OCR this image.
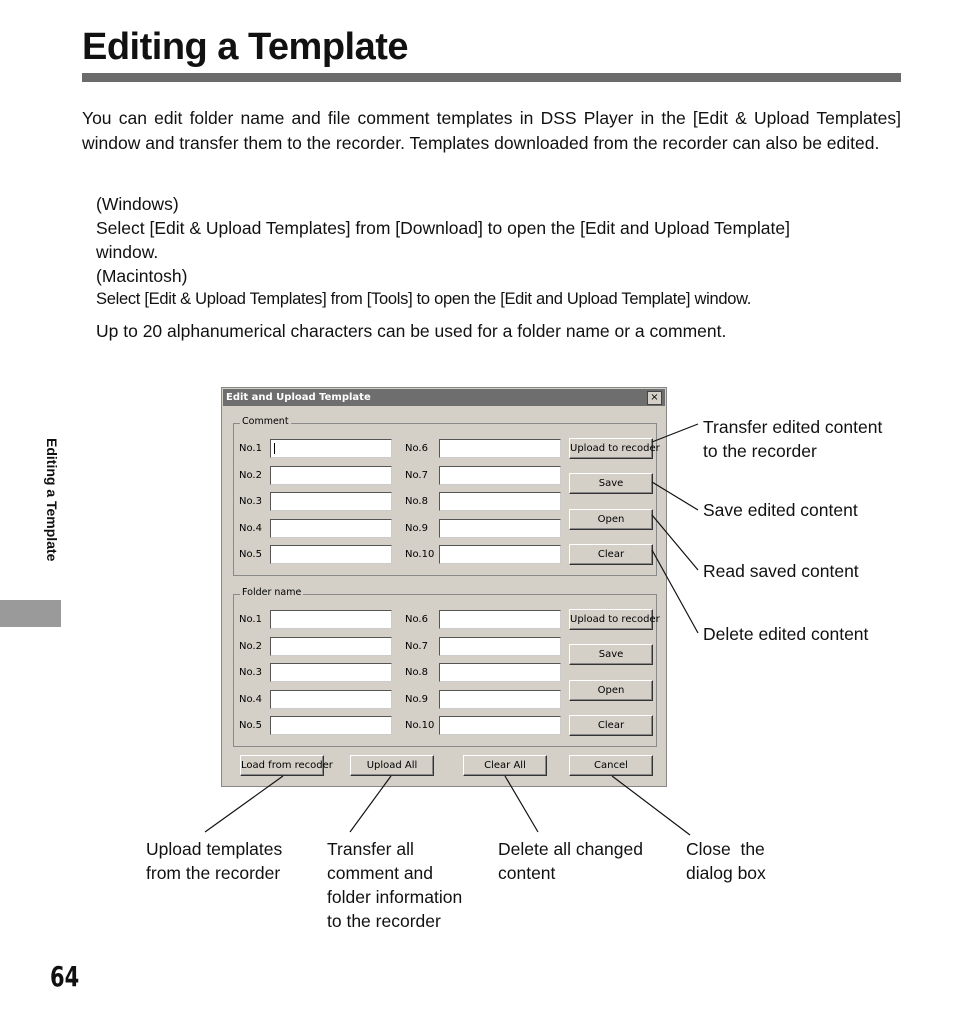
Editing a Template
You can edit folder name and file comment templates in DSS Player in the [Edit & Upload Templates] window and transfer them to the recorder. Templates downloaded from the recorder can also be edited.
(Windows)
Select [Edit & Upload Templates] from [Download] to open the [Edit and Upload Template]
window.
(Macintosh)
Select [Edit & Upload Templates] from [Tools] to open the [Edit and Upload Template] window.
Up to 20 alphanumerical characters can be used for a folder name or a comment.
Editing a Template
Edit and Upload Template	×
Comment
No.1
No.2
No.3
No.4
No.5
No.6
No.7
No.8
No.9
No.10
Upload to recoder
Save
Open
Clear
Folder name
No.1
No.2
No.3
No.4
No.5
No.6
No.7
No.8
No.9
No.10
Upload to recoder
Save
Open
Clear
Load from recoder	Upload All	Clear All	Cancel
Transfer edited content
to the recorder
Save edited content
Read saved content
Delete edited content
Upload templates
from the recorder
Transfer all
comment and
folder information
to the recorder
Delete all changed
content
Close  the
dialog box
64
